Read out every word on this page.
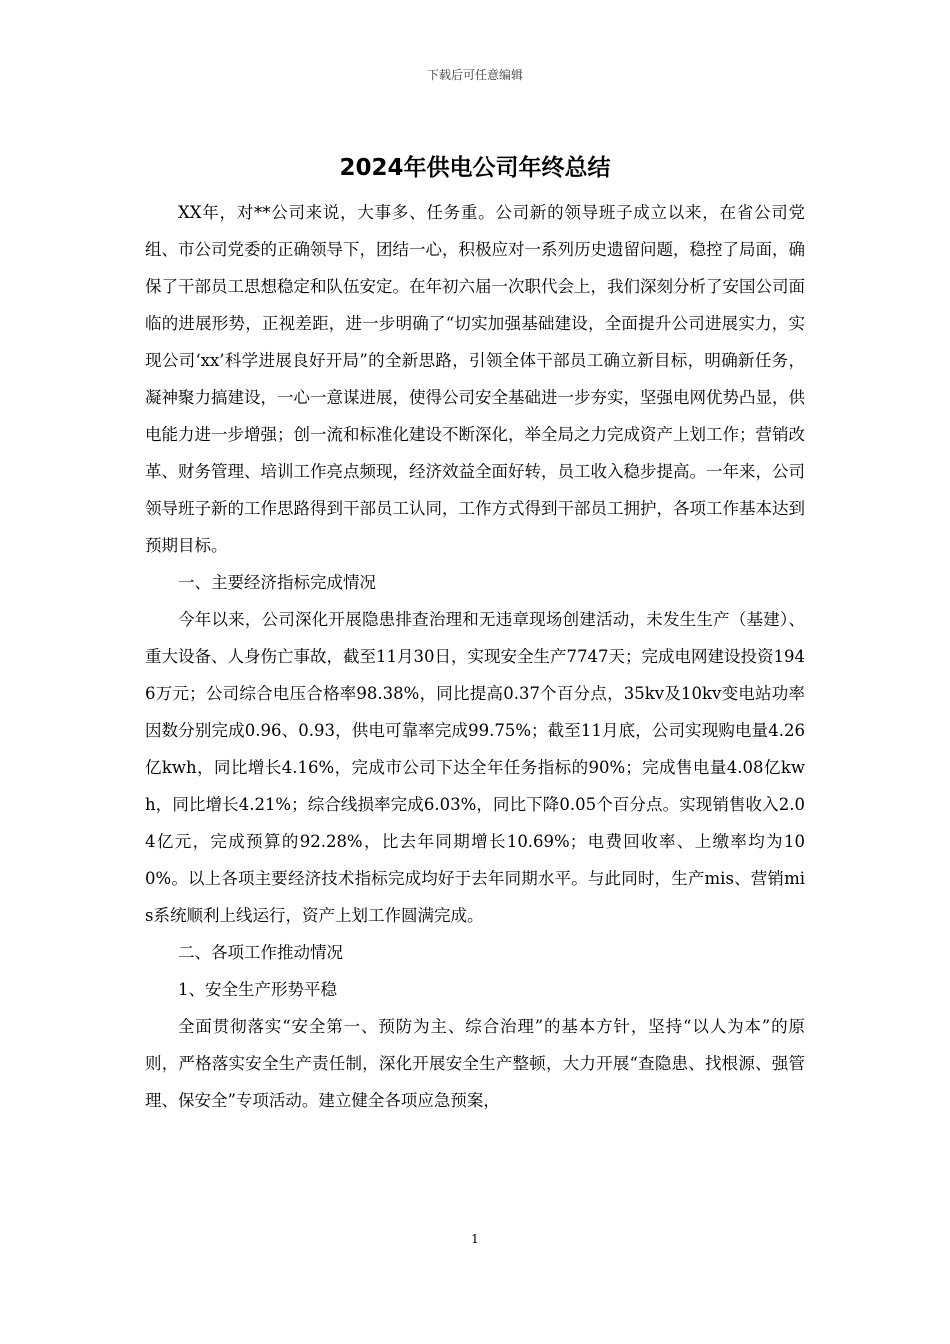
下载后可任意编辑
2024年供电公司年终总结

XX年，对**公司来说，大事多、任务重。公司新的领导班子成立以来，在省公司党组、市公司党委的正确领导下，团结一心，积极应对一系列历史遗留问题，稳控了局面，确保了干部员工思想稳定和队伍安定。在年初六届一次职代会上，我们深刻分析了安国公司面临的进展形势，正视差距，进一步明确了“切实加强基础建设，全面提升公司进展实力，实现公司‘xx’科学进展良好开局”的全新思路，引领全体干部员工确立新目标，明确新任务，凝神聚力搞建设，一心一意谋进展，使得公司安全基础进一步夯实，坚强电网优势凸显，供电能力进一步增强；创一流和标准化建设不断深化，举全局之力完成资产上划工作；营销改革、财务管理、培训工作亮点频现，经济效益全面好转，员工收入稳步提高。一年来，公司领导班子新的工作思路得到干部员工认同，工作方式得到干部员工拥护，各项工作基本达到预期目标。

一、主要经济指标完成情况

今年以来，公司深化开展隐患排查治理和无违章现场创建活动，未发生生产（基建）、重大设备、人身伤亡事故，截至11月30日，实现安全生产7747天；完成电网建设投资1946万元；公司综合电压合格率98.38%，同比提高0.37个百分点，35kv及10kv变电站功率因数分别完成0.96、0.93，供电可靠率完成99.75%；截至11月底，公司实现购电量4.26亿kwh，同比增长4.16%，完成市公司下达全年任务指标的90%；完成售电量4.08亿kwh，同比增长4.21%；综合线损率完成6.03%，同比下降0.05个百分点。实现销售收入2.04亿元，完成预算的92.28%，比去年同期增长10.69%；电费回收率、上缴率均为100%。以上各项主要经济技术指标完成均好于去年同期水平。与此同时，生产mis、营销mis系统顺利上线运行，资产上划工作圆满完成。

二、各项工作推动情况

1、安全生产形势平稳

全面贯彻落实“安全第一、预防为主、综合治理”的基本方针，坚持“以人为本”的原则，严格落实安全生产责任制，深化开展安全生产整顿，大力开展“查隐患、找根源、强管理、保安全”专项活动。建立健全各项应急预案，

1
